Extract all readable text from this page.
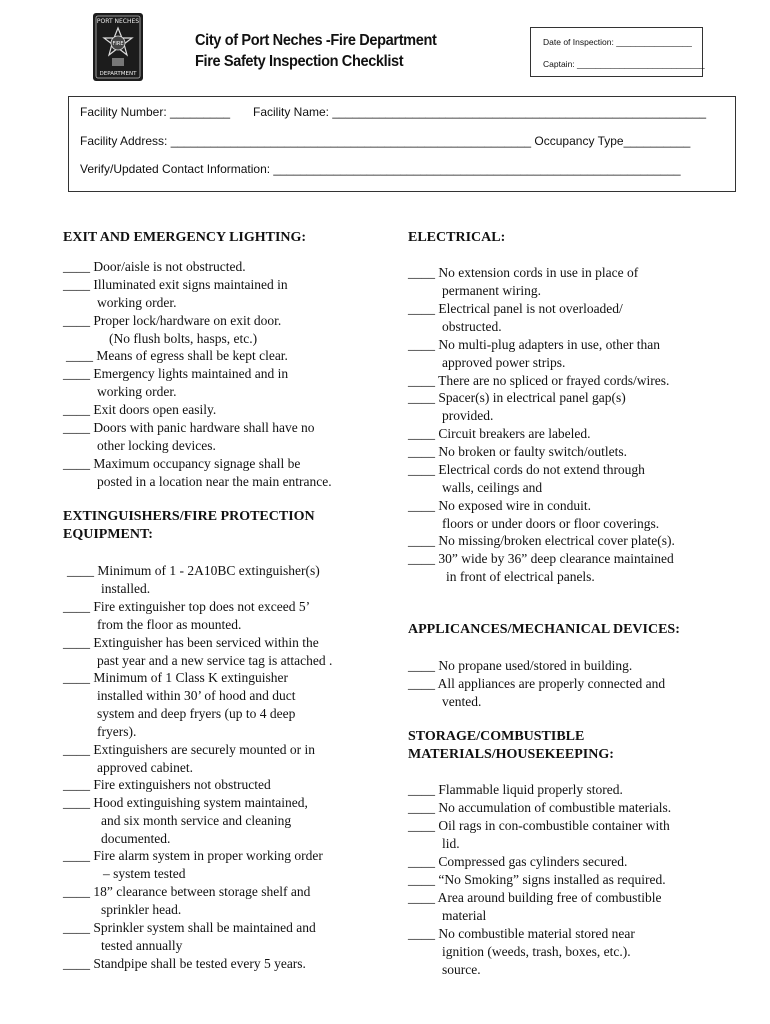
PORT NECHES
FIRE
DEPARTMENT
City of Port Neches -Fire Department
Fire Safety Inspection Checklist
Date of Inspection: ________________
Captain: ___________________________
Facility Number: _________ Facility Name: ________________________________________________________
Facility Address: ______________________________________________________ Occupancy Type__________
Verify/Updated Contact Information: _____________________________________________________________
EXIT AND EMERGENCY LIGHTING:
____ Door/aisle is not obstructed.
____ Illuminated exit signs maintained in
working order.
____ Proper lock/hardware on exit door.
(No flush bolts, hasps, etc.)
____ Means of egress shall be kept clear.
____ Emergency lights maintained and in
working order.
____ Exit doors open easily.
____ Doors with panic hardware shall have no
other locking devices.
____ Maximum occupancy signage shall be
posted in a location near the main entrance.
EXTINGUISHERS/FIRE PROTECTION
EQUIPMENT:
____ Minimum of 1 - 2A10BC extinguisher(s)
installed.
____ Fire extinguisher top does not exceed 5’
from the floor as mounted.
____ Extinguisher has been serviced within the
past year and a new service tag is attached .
____ Minimum of 1 Class K extinguisher
installed within 30’ of hood and duct
system and deep fryers (up to 4 deep
fryers).
____ Extinguishers are securely mounted or in
approved cabinet.
____ Fire extinguishers not obstructed
____ Hood extinguishing system maintained,
and six month service and cleaning
documented.
____ Fire alarm system in proper working order
– system tested
____ 18” clearance between storage shelf and
sprinkler head.
____ Sprinkler system shall be maintained and
tested annually
____ Standpipe shall be tested every 5 years.
ELECTRICAL:
____ No extension cords in use in place of
permanent wiring.
____ Electrical panel is not overloaded/
obstructed.
____ No multi-plug adapters in use, other than
approved power strips.
____ There are no spliced or frayed cords/wires.
____ Spacer(s) in electrical panel gap(s)
provided.
____ Circuit breakers are labeled.
____ No broken or faulty switch/outlets.
____ Electrical cords do not extend through
walls, ceilings and
____ No exposed wire in conduit.
floors or under doors or floor coverings.
____ No missing/broken electrical cover plate(s).
____ 30” wide by 36” deep clearance maintained
in front of electrical panels.
APPLICANCES/MECHANICAL DEVICES:
____ No propane used/stored in building.
____ All appliances are properly connected and
vented.
STORAGE/COMBUSTIBLE
MATERIALS/HOUSEKEEPING:
____ Flammable liquid properly stored.
____ No accumulation of combustible materials.
____ Oil rags in con-combustible container with
lid.
____ Compressed gas cylinders secured.
____ “No Smoking” signs installed as required.
____ Area around building free of combustible
material
____ No combustible material stored near
ignition (weeds, trash, boxes, etc.).
source.
